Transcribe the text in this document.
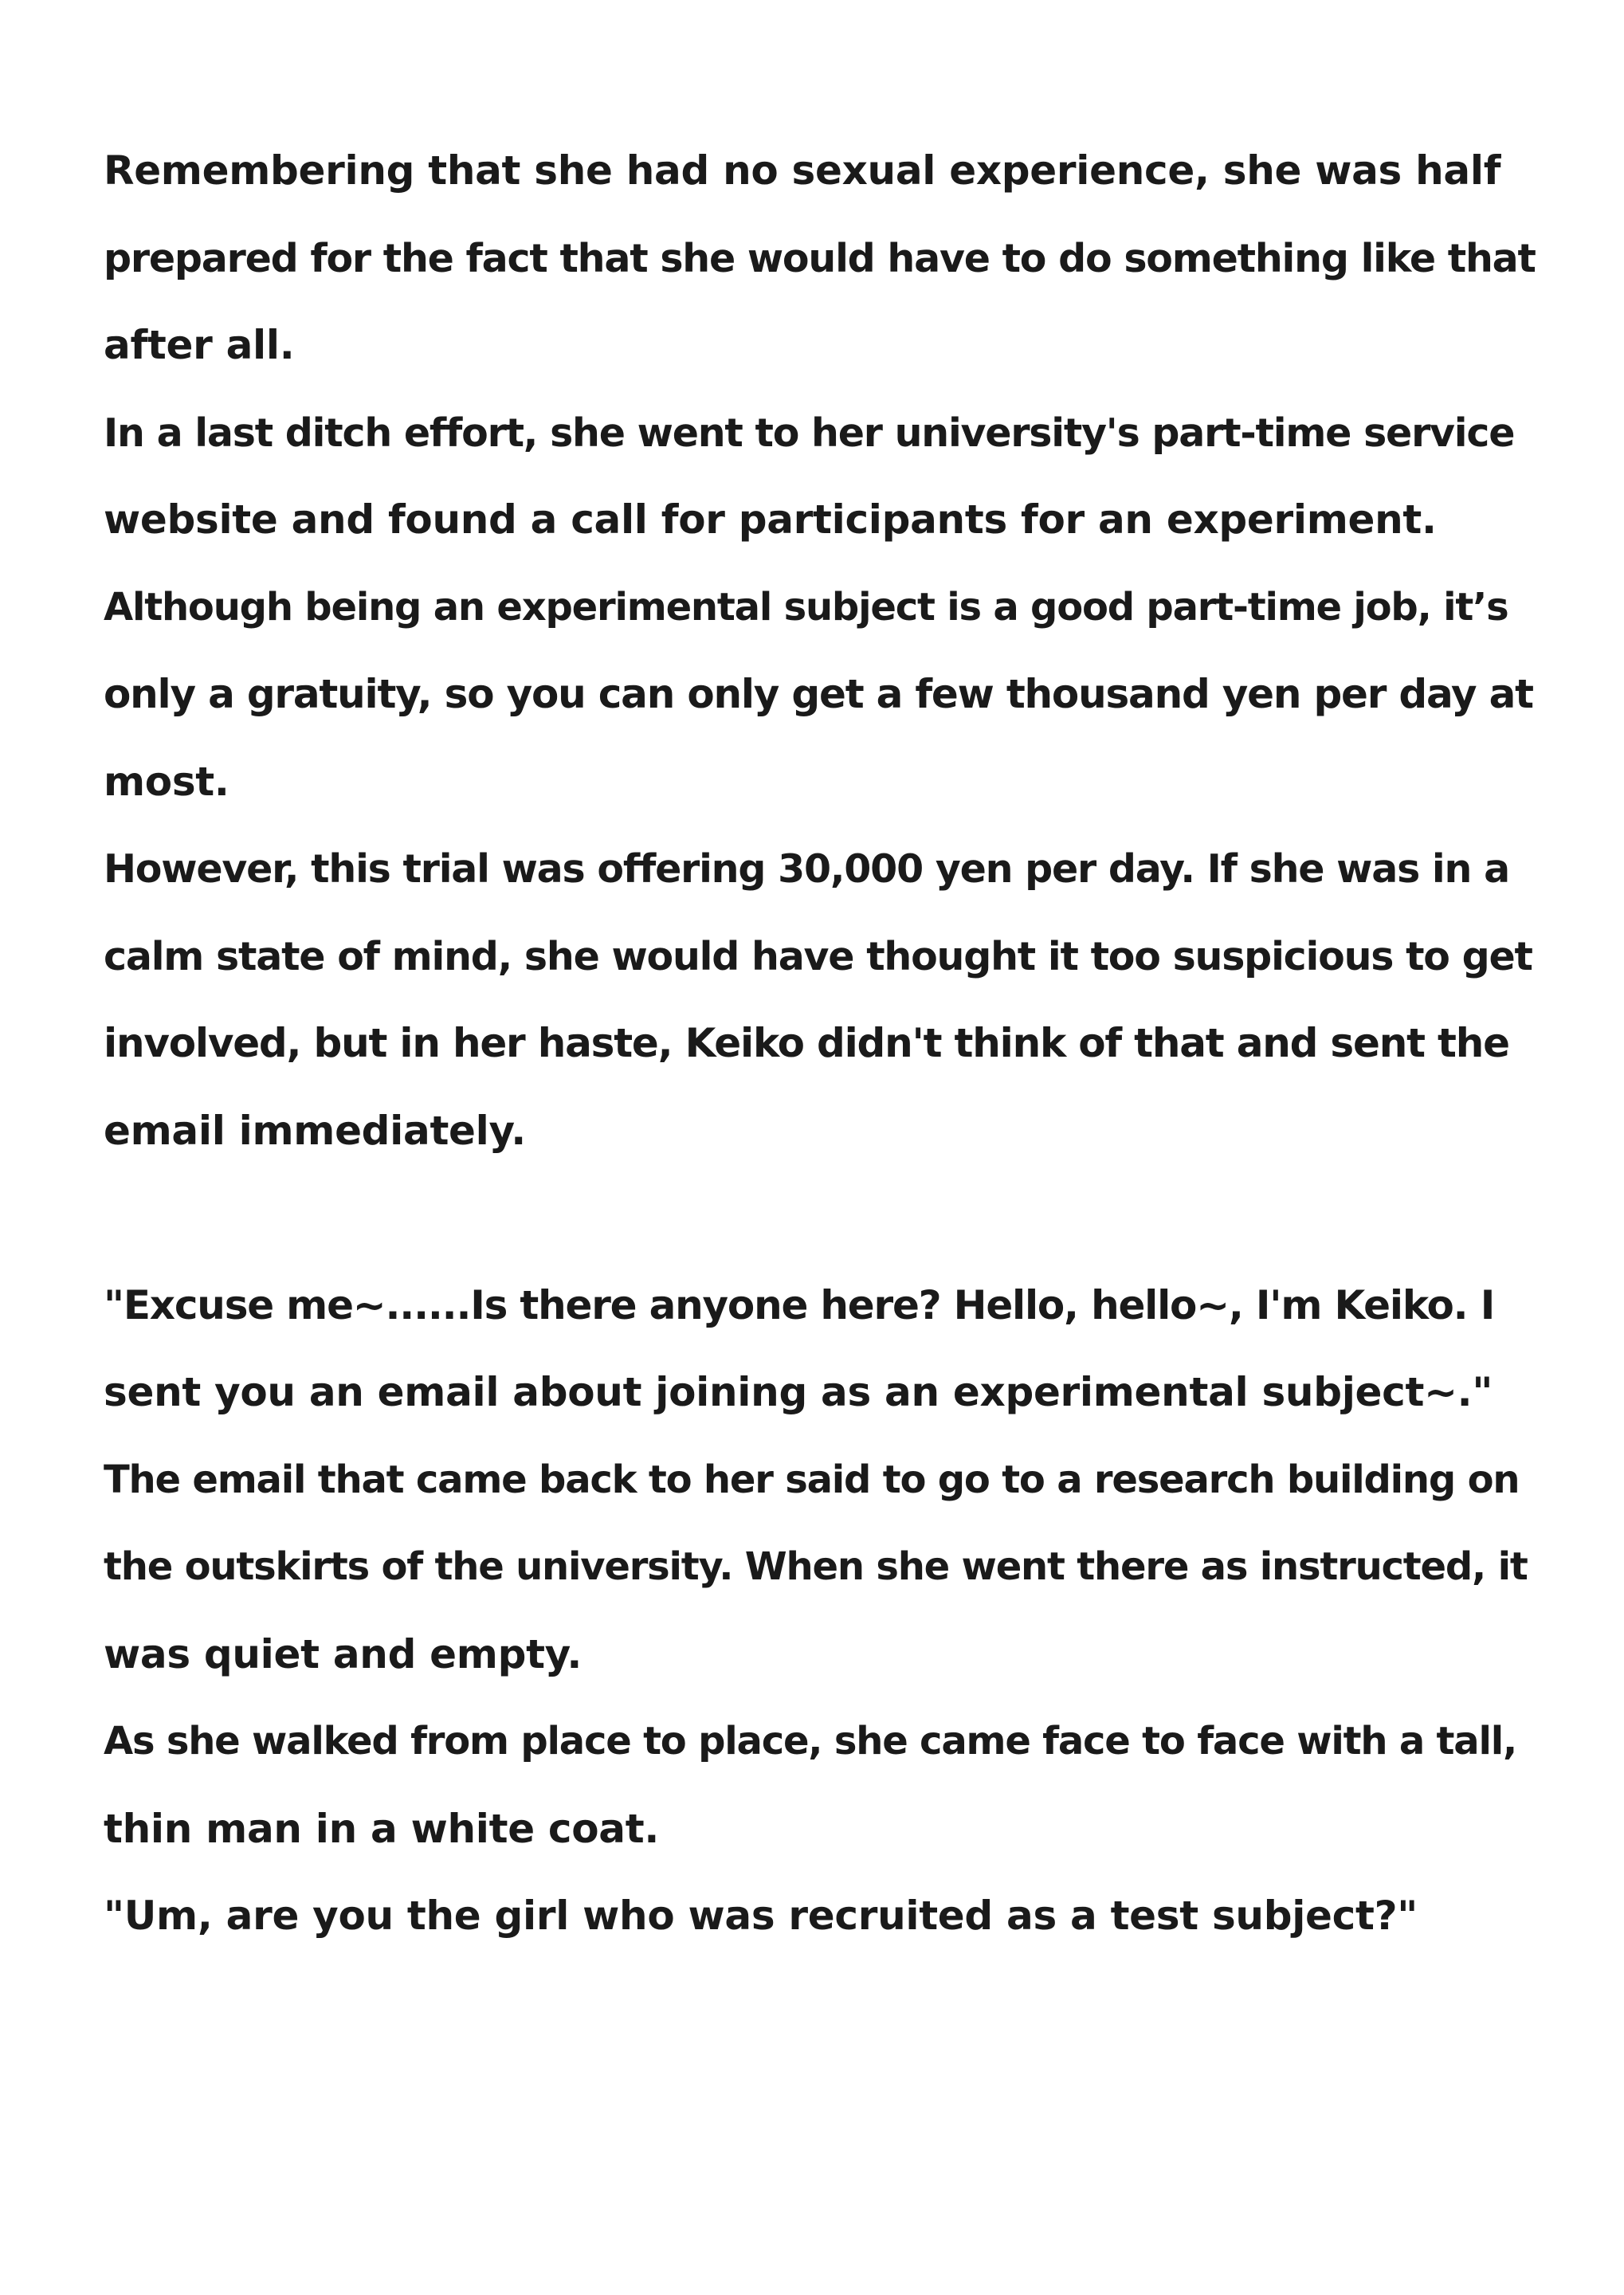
Remembering that she had no sexual experience, she was half
prepared for the fact that she would have to do something like that
after all.
In a last ditch effort, she went to her university's part-time service
website and found a call for participants for an experiment.
Although being an experimental subject is a good part-time job, it’s
only a gratuity, so you can only get a few thousand yen per day at
most.
However, this trial was offering 30,000 yen per day. If she was in a
calm state of mind, she would have thought it too suspicious to get
involved, but in her haste, Keiko didn't think of that and sent the
email immediately.
"Excuse me~......Is there anyone here? Hello, hello~, I'm Keiko. I
sent you an email about joining as an experimental subject~."
The email that came back to her said to go to a research building on
the outskirts of the university. When she went there as instructed, it
was quiet and empty.
As she walked from place to place, she came face to face with a tall,
thin man in a white coat.
"Um, are you the girl who was recruited as a test subject?"
